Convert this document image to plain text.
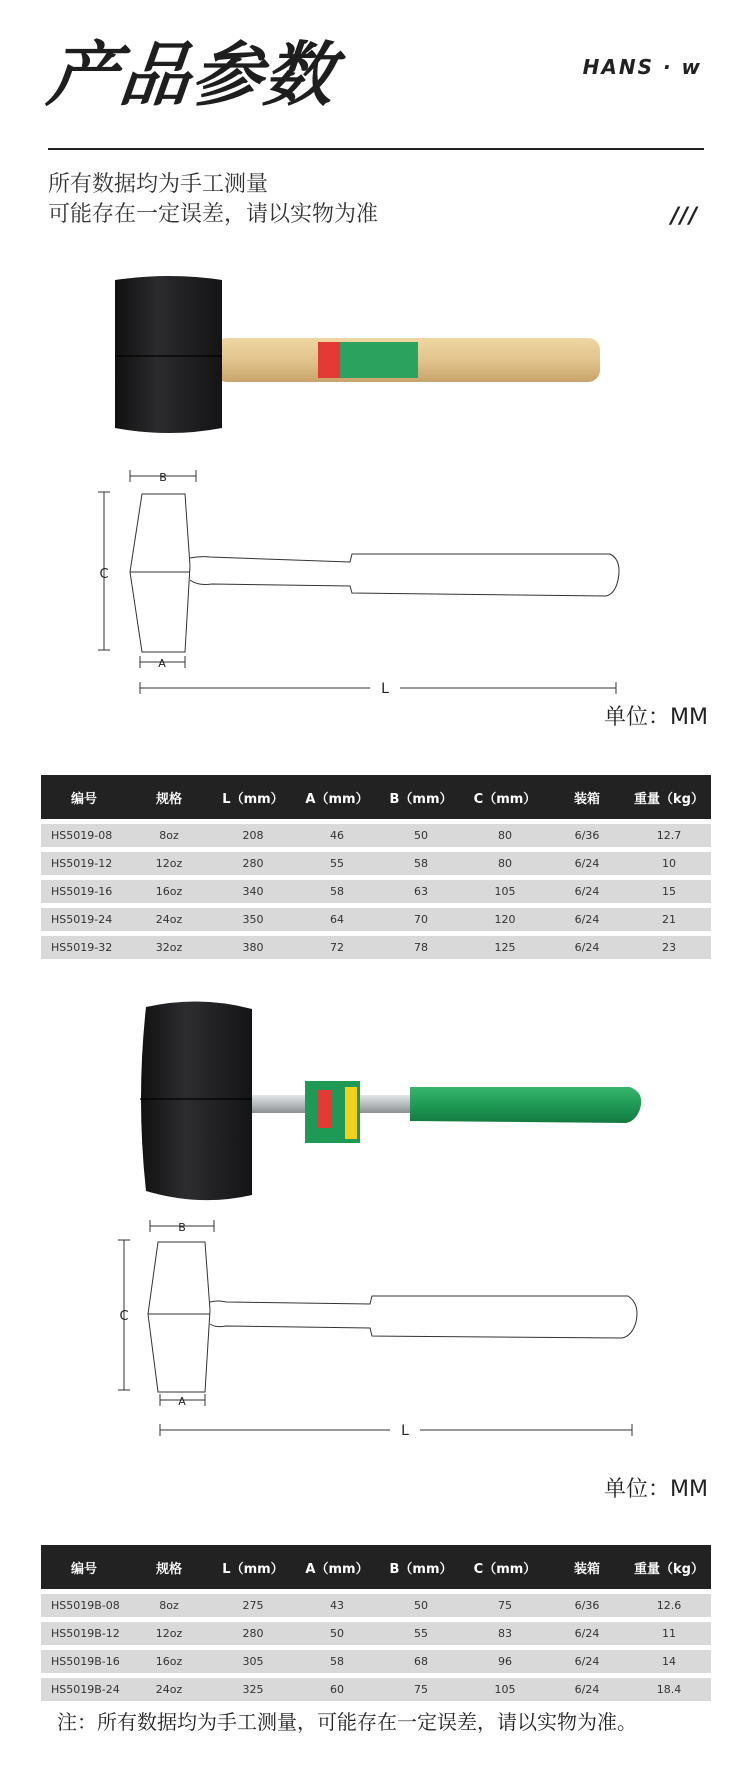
产品参数	HANS · w
所有数据均为手工测量
可能存在一定误差，请以实物为准	///
B
C
A
L
单位：MM
编号	规格	L（mm）	A（mm）	B（mm）	C（mm）	装箱	重量（kg）
HS5019-08	8oz	208	46	50	80	6/36	12.7
HS5019-12	12oz	280	55	58	80	6/24	10
HS5019-16	16oz	340	58	63	105	6/24	15
HS5019-24	24oz	350	64	70	120	6/24	21
HS5019-32	32oz	380	72	78	125	6/24	23
B
C
A
L
单位：MM
编号	规格	L（mm）	A（mm）	B（mm）	C（mm）	装箱	重量（kg）
HS5019B-08	8oz	275	43	50	75	6/36	12.6
HS5019B-12	12oz	280	50	55	83	6/24	11
HS5019B-16	16oz	305	58	68	96	6/24	14
HS5019B-24	24oz	325	60	75	105	6/24	18.4
注：所有数据均为手工测量，可能存在一定误差，请以实物为准。
